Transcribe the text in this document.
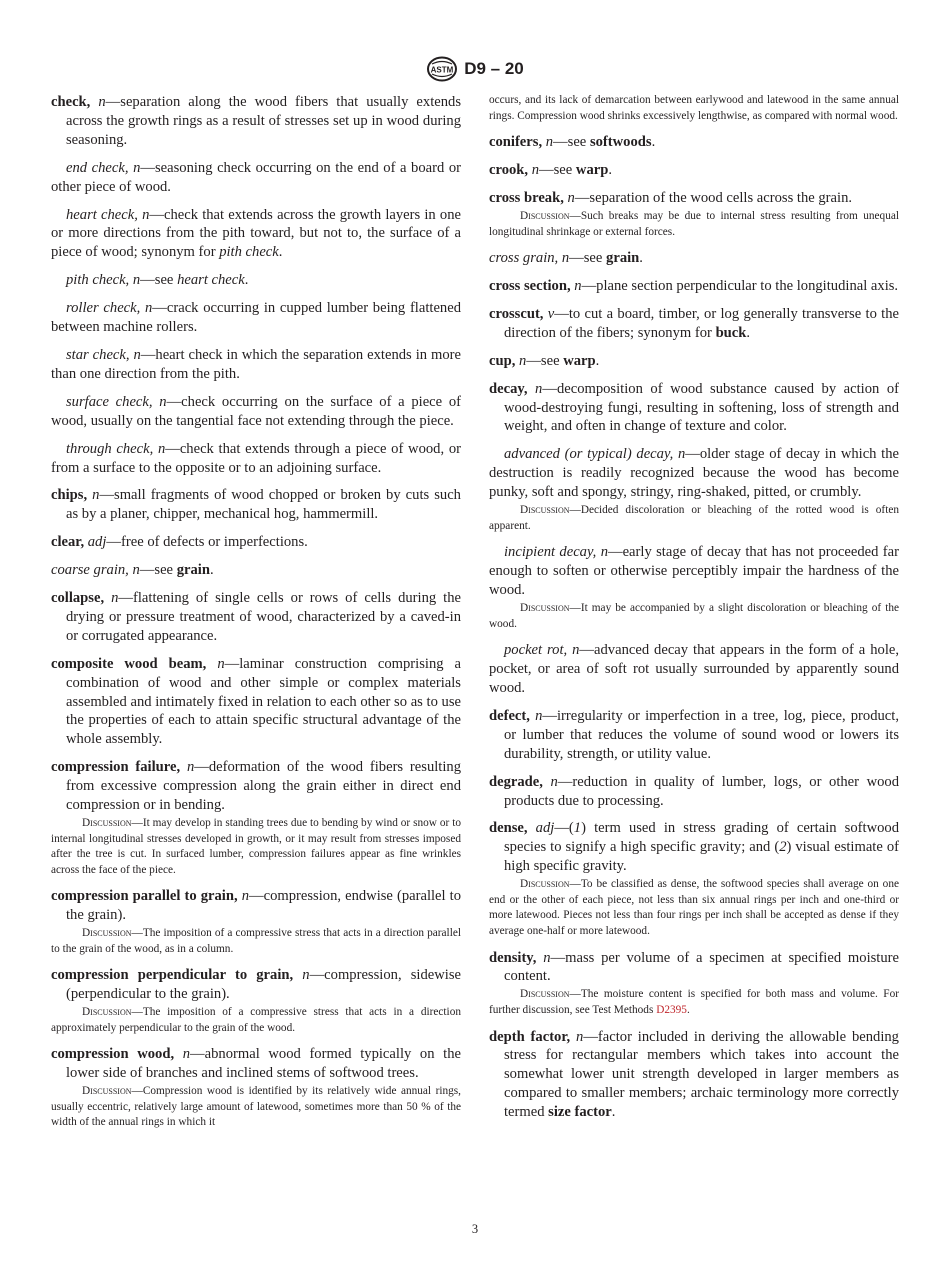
ASTM D9 – 20

check, n—separation along the wood fibers that usually extends across the growth rings as a result of stresses set up in wood during seasoning.

end check, n—seasoning check occurring on the end of a board or other piece of wood.

heart check, n—check that extends across the growth layers in one or more directions from the pith toward, but not to, the surface of a piece of wood; synonym for pith check.

pith check, n—see heart check.

roller check, n—crack occurring in cupped lumber being flattened between machine rollers.

star check, n—heart check in which the separation extends in more than one direction from the pith.

surface check, n—check occurring on the surface of a piece of wood, usually on the tangential face not extending through the piece.

through check, n—check that extends through a piece of wood, or from a surface to the opposite or to an adjoining surface.

chips, n—small fragments of wood chopped or broken by cuts such as by a planer, chipper, mechanical hog, hammermill.

clear, adj—free of defects or imperfections.

coarse grain, n—see grain.

collapse, n—flattening of single cells or rows of cells during the drying or pressure treatment of wood, characterized by a caved-in or corrugated appearance.

composite wood beam, n—laminar construction comprising a combination of wood and other simple or complex materials assembled and intimately fixed in relation to each other so as to use the properties of each to attain specific structural advantage of the whole assembly.

compression failure, n—deformation of the wood fibers resulting from excessive compression along the grain either in direct end compression or in bending.

Discussion—It may develop in standing trees due to bending by wind or snow or to internal longitudinal stresses developed in growth, or it may result from stresses imposed after the tree is cut. In surfaced lumber, compression failures appear as fine wrinkles across the face of the piece.

compression parallel to grain, n—compression, endwise (parallel to the grain).

Discussion—The imposition of a compressive stress that acts in a direction parallel to the grain of the wood, as in a column.

compression perpendicular to grain, n—compression, sidewise (perpendicular to the grain).

Discussion—The imposition of a compressive stress that acts in a direction approximately perpendicular to the grain of the wood.

compression wood, n—abnormal wood formed typically on the lower side of branches and inclined stems of softwood trees.

Discussion—Compression wood is identified by its relatively wide annual rings, usually eccentric, relatively large amount of latewood, sometimes more than 50 % of the width of the annual rings in which it

occurs, and its lack of demarcation between earlywood and latewood in the same annual rings. Compression wood shrinks excessively lengthwise, as compared with normal wood.

conifers, n—see softwoods.

crook, n—see warp.

cross break, n—separation of the wood cells across the grain.

Discussion—Such breaks may be due to internal stress resulting from unequal longitudinal shrinkage or external forces.

cross grain, n—see grain.

cross section, n—plane section perpendicular to the longitudinal axis.

crosscut, v—to cut a board, timber, or log generally transverse to the direction of the fibers; synonym for buck.

cup, n—see warp.

decay, n—decomposition of wood substance caused by action of wood-destroying fungi, resulting in softening, loss of strength and weight, and often in change of texture and color.

advanced (or typical) decay, n—older stage of decay in which the destruction is readily recognized because the wood has become punky, soft and spongy, stringy, ring-shaked, pitted, or crumbly.

Discussion—Decided discoloration or bleaching of the rotted wood is often apparent.

incipient decay, n—early stage of decay that has not proceeded far enough to soften or otherwise perceptibly impair the hardness of the wood.

Discussion—It may be accompanied by a slight discoloration or bleaching of the wood.

pocket rot, n—advanced decay that appears in the form of a hole, pocket, or area of soft rot usually surrounded by apparently sound wood.

defect, n—irregularity or imperfection in a tree, log, piece, product, or lumber that reduces the volume of sound wood or lowers its durability, strength, or utility value.

degrade, n—reduction in quality of lumber, logs, or other wood products due to processing.

dense, adj—(1) term used in stress grading of certain softwood species to signify a high specific gravity; and (2) visual estimate of high specific gravity.

Discussion—To be classified as dense, the softwood species shall average on one end or the other of each piece, not less than six annual rings per inch and one-third or more latewood. Pieces not less than four rings per inch shall be accepted as dense if they average one-half or more latewood.

density, n—mass per volume of a specimen at specified moisture content.

Discussion—The moisture content is specified for both mass and volume. For further discussion, see Test Methods D2395.

depth factor, n—factor included in deriving the allowable bending stress for rectangular members which takes into account the somewhat lower unit strength developed in larger members as compared to smaller members; archaic terminology more correctly termed size factor.

3
